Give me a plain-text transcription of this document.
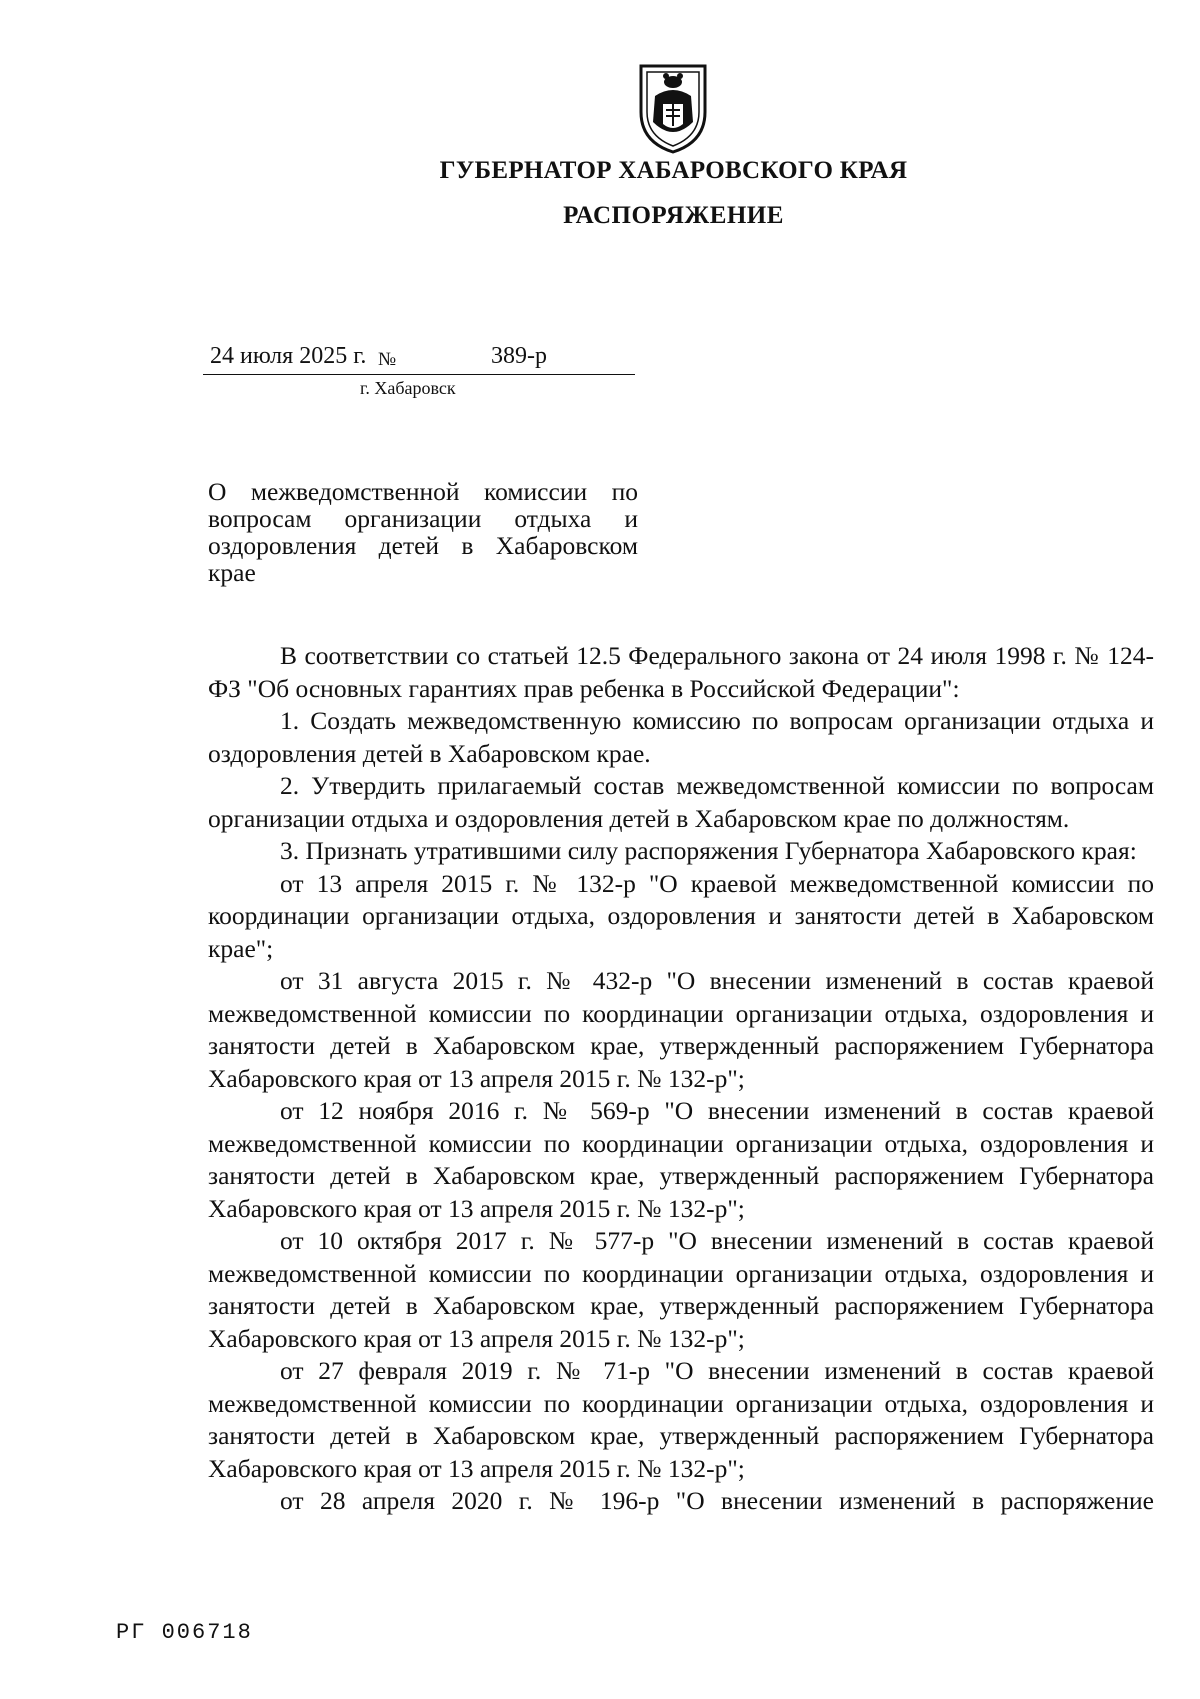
ГУБЕРНАТОР ХАБАРОВСКОГО КРАЯ
РАСПОРЯЖЕНИЕ
24 июля 2025 г. №	389-р
г. Хабаровск
О межведомственной комиссии по вопросам организации отдыха и оздоровления детей в Хабаровском крае

В соответствии со статьей 12.5 Федерального закона от 24 июля 1998 г. № 124-ФЗ "Об основных гарантиях прав ребенка в Российской Федерации":

1. Создать межведомственную комиссию по вопросам организации отдыха и оздоровления детей в Хабаровском крае.

2. Утвердить прилагаемый состав межведомственной комиссии по вопросам организации отдыха и оздоровления детей в Хабаровском крае по должностям.

3. Признать утратившими силу распоряжения Губернатора Хабаровского края:

от 13 апреля 2015 г. № 132-р "О краевой межведомственной комиссии по координации организации отдыха, оздоровления и занятости детей в Хабаровском крае";

от 31 августа 2015 г. № 432-р "О внесении изменений в состав краевой межведомственной комиссии по координации организации отдыха, оздоровления и занятости детей в Хабаровском крае, утвержденный распоряжением Губернатора Хабаровского края от 13 апреля 2015 г. № 132-р";

от 12 ноября 2016 г. № 569-р "О внесении изменений в состав краевой межведомственной комиссии по координации организации отдыха, оздоровления и занятости детей в Хабаровском крае, утвержденный распоряжением Губернатора Хабаровского края от 13 апреля 2015 г. № 132-р";

от 10 октября 2017 г. № 577-р "О внесении изменений в состав краевой межведомственной комиссии по координации организации отдыха, оздоровления и занятости детей в Хабаровском крае, утвержденный распоряжением Губернатора Хабаровского края от 13 апреля 2015 г. № 132-р";

от 27 февраля 2019 г. № 71-р "О внесении изменений в состав краевой межведомственной комиссии по координации организации отдыха, оздоровления и занятости детей в Хабаровском крае, утвержденный распоряжением Губернатора Хабаровского края от 13 апреля 2015 г. № 132-р";

от 28 апреля 2020 г. № 196-р "О внесении изменений в распоряжение

РГ 006718
